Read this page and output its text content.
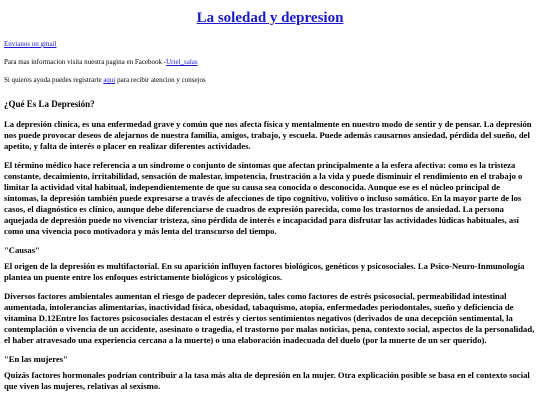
La soledad y depresion
Envianos un gmail
Para mas informacion visita nuestra pagina en Facebook -Uriel_salas
Si quieres ayuda puedes registrarte aqui para recibir atencion y consejos
¿Qué Es La Depresión?

La depresión clínica, es una enfermedad grave y común que nos afecta física y mentalmente en nuestro modo de sentir y de pensar. La depresión nos puede provocar deseos de alejarnos de nuestra familia, amigos, trabajo, y escuela. Puede además causarnos ansiedad, pérdida del sueño, del apetito, y falta de interés o placer en realizar diferentes actividades.

El término médico hace referencia a un síndrome o conjunto de síntomas que afectan principalmente a la esfera afectiva: como es la tristeza constante, decaimiento, irritabilidad, sensación de malestar, impotencia, frustración a la vida y puede disminuir el rendimiento en el trabajo o limitar la actividad vital habitual, independientemente de que su causa sea conocida o desconocida. Aunque ese es el núcleo principal de síntomas, la depresión también puede expresarse a través de afecciones de tipo cognitivo, volitivo o incluso somático. En la mayor parte de los casos, el diagnóstico es clínico, aunque debe diferenciarse de cuadros de expresión parecida, como los trastornos de ansiedad. La persona aquejada de depresión puede no vivenciar tristeza, sino pérdida de interés e incapacidad para disfrutar las actividades lúdicas habituales, así como una vivencia poco motivadora y más lenta del transcurso del tiempo.

"Causas"

El origen de la depresión es multifactorial. En su aparición influyen factores biológicos, genéticos y psicosociales. La Psico-Neuro-Inmunología plantea un puente entre los enfoques estrictamente biológicos y psicológicos.

Diversos factores ambientales aumentan el riesgo de padecer depresión, tales como factores de estrés psicosocial, permeabilidad intestinal aumentada, intolerancias alimentarias, inactividad física, obesidad, tabaquismo, atopia, enfermedades periodontales, sueño y deficiencia de vitamina D.12Entre los factores psicosociales destacan el estrés y ciertos sentimientos negativos (derivados de una decepción sentimental, la contemplación o vivencia de un accidente, asesinato o tragedia, el trastorno por malas noticias, pena, contexto social, aspectos de la personalidad, el haber atravesado una experiencia cercana a la muerte) o una elaboración inadecuada del duelo (por la muerte de un ser querido).

"En las mujeres"

Quizás factores hormonales podrían contribuir a la tasa más alta de depresión en la mujer. Otra explicación posible se basa en el contexto social que viven las mujeres, relativas al sexismo.
